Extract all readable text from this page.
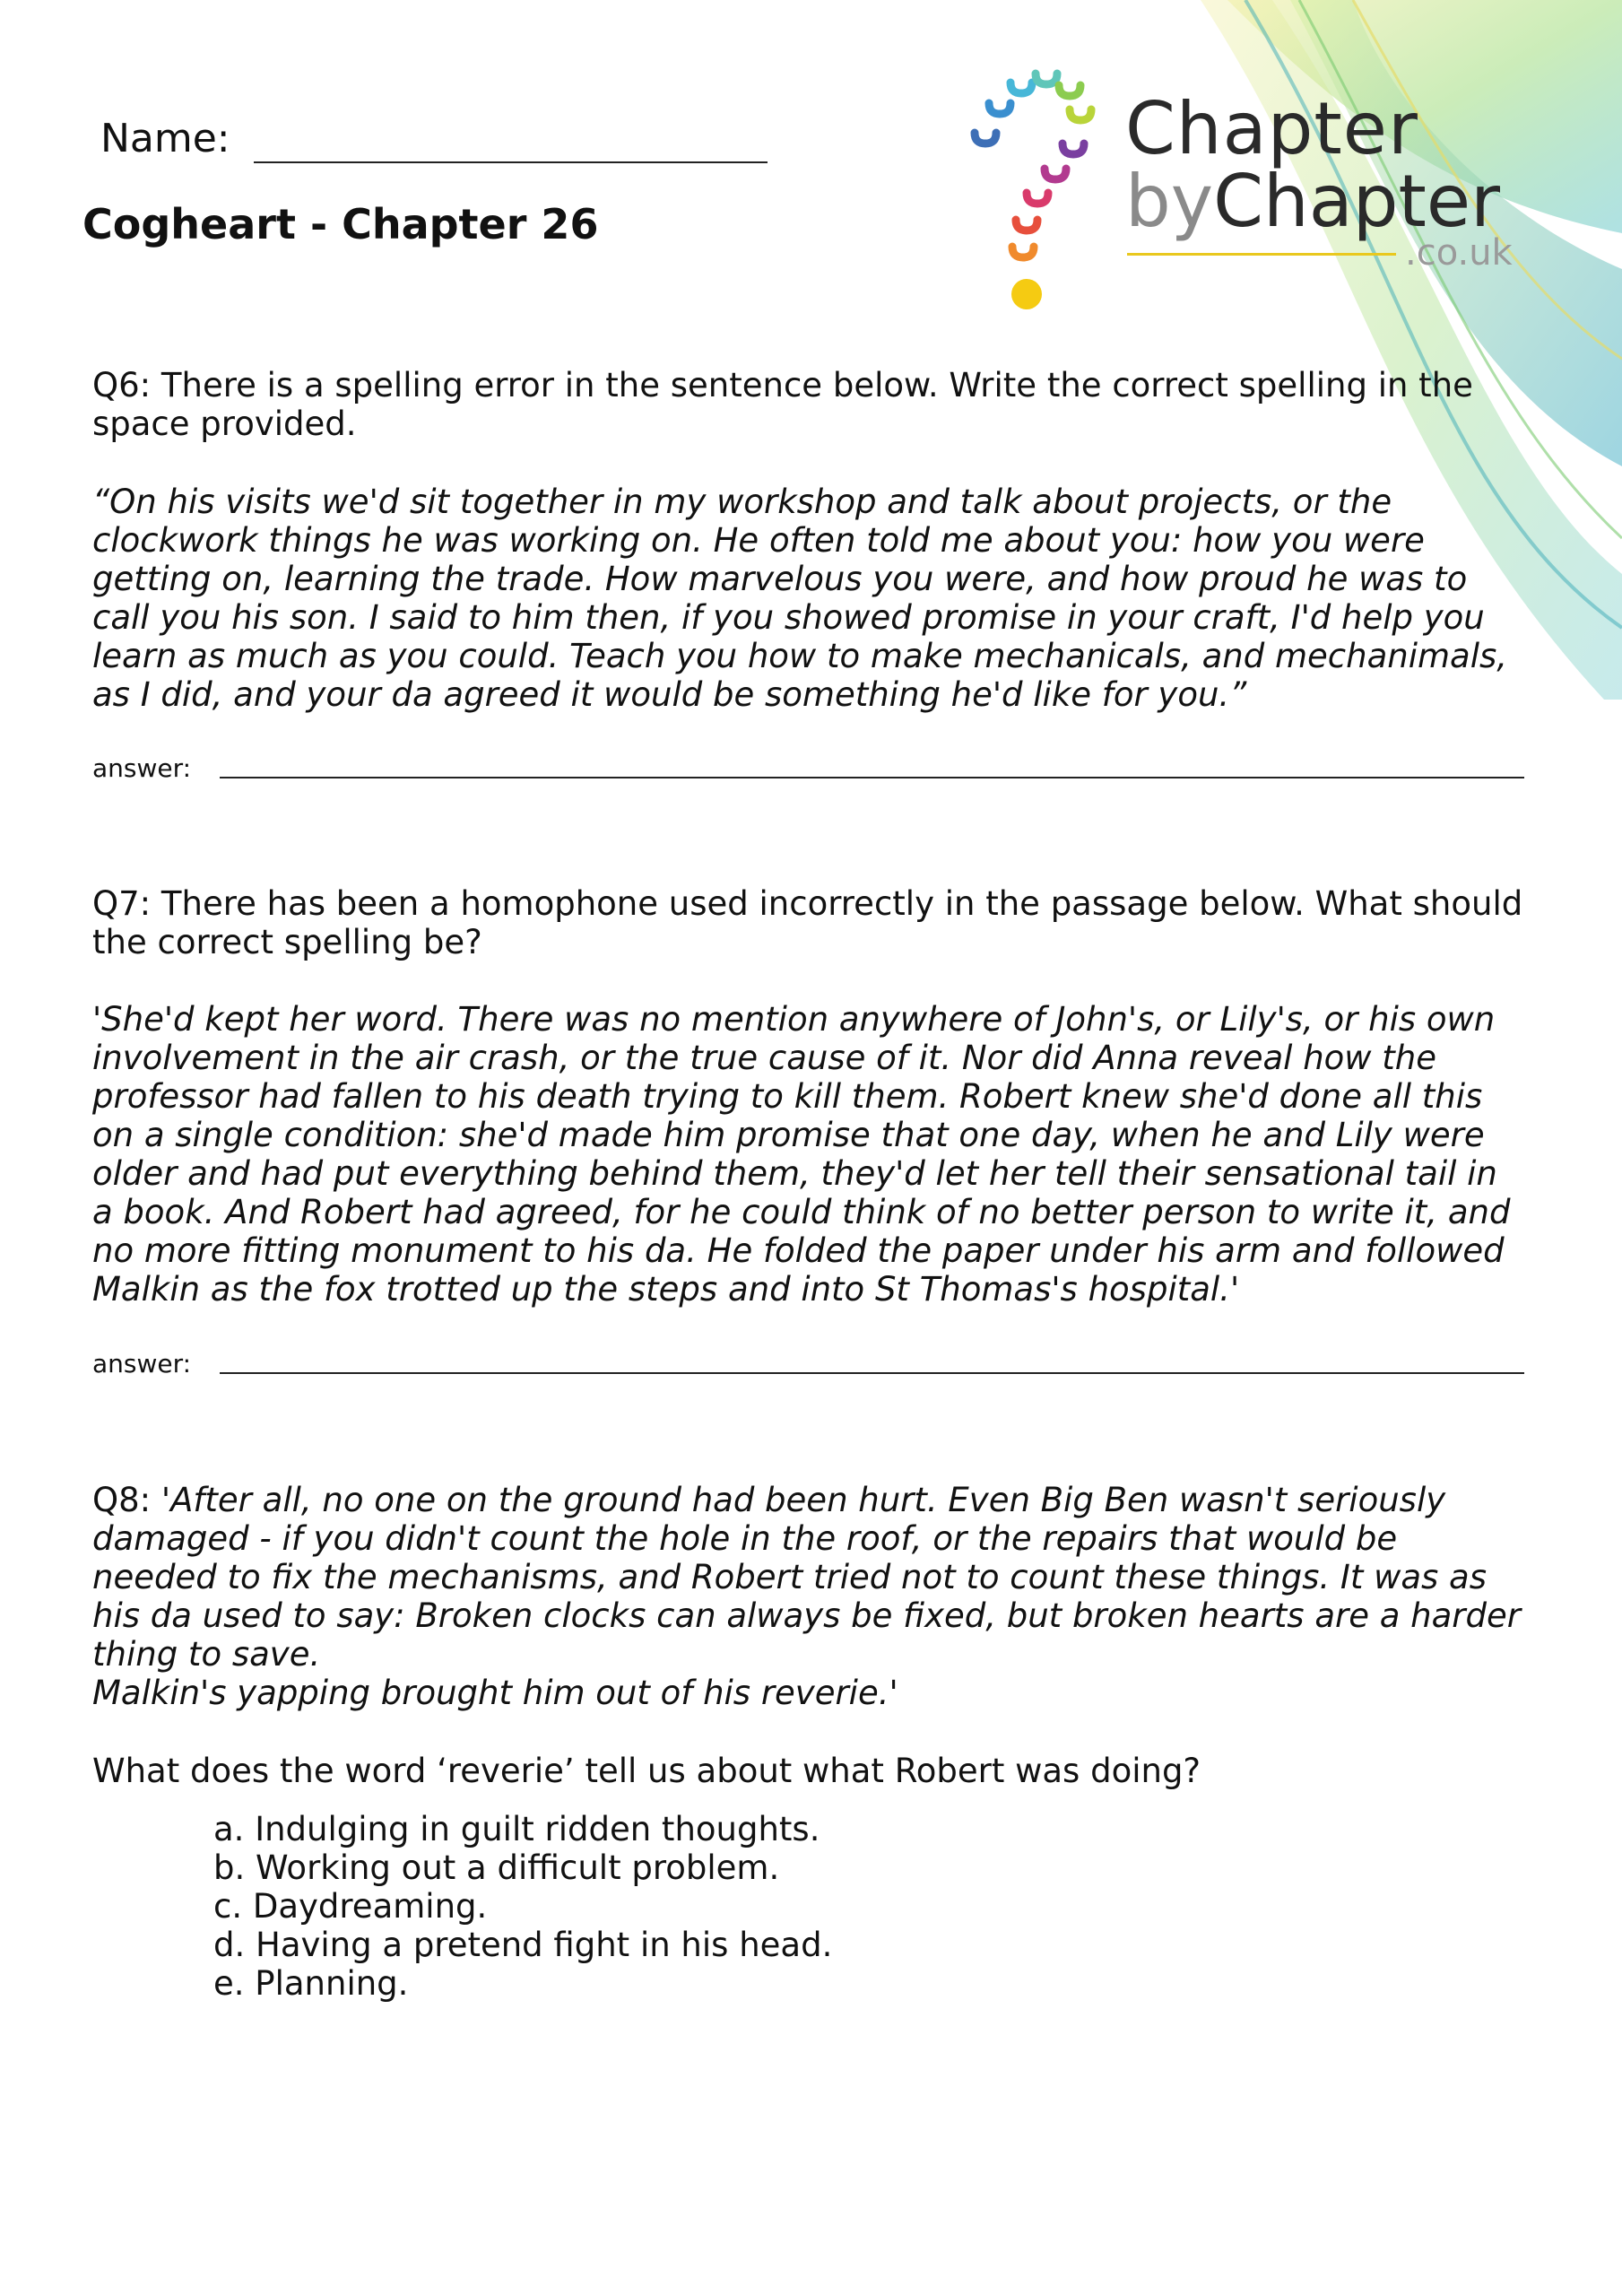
Chapter
byChapter
.co.uk
Name:
Cogheart - Chapter 26
Q6: There is a spelling error in the sentence below. Write the correct spelling in the space provided.
“On his visits we'd sit together in my workshop and talk about projects, or the clockwork things he was working on. He often told me about you: how you were getting on, learning the trade. How marvelous you were, and how proud he was to call you his son. I said to him then, if you showed promise in your craft, I'd help you learn as much as you could. Teach you how to make mechanicals, and mechanimals, as I did, and your da agreed it would be something he'd like for you.”
answer:
Q7: There has been a homophone used incorrectly in the passage below. What should the correct spelling be?
'She'd kept her word. There was no mention anywhere of John's, or Lily's, or his own involvement in the air crash, or the true cause of it. Nor did Anna reveal how the professor had fallen to his death trying to kill them. Robert knew she'd done all this on a single condition: she'd made him promise that one day, when he and Lily were older and had put everything behind them, they'd let her tell their sensational tail in a book. And Robert had agreed, for he could think of no better person to write it, and no more fitting monument to his da. He folded the paper under his arm and followed Malkin as the fox trotted up the steps and into St Thomas's hospital.'
answer:
Q8: 'After all, no one on the ground had been hurt. Even Big Ben wasn't seriously damaged - if you didn't count the hole in the roof, or the repairs that would be needed to fix the mechanisms, and Robert tried not to count these things. It was as his da used to say: Broken clocks can always be fixed, but broken hearts are a harder thing to save.
Malkin's yapping brought him out of his reverie.'
What does the word ‘reverie’ tell us about what Robert was doing?
a. Indulging in guilt ridden thoughts.
b. Working out a difficult problem.
c. Daydreaming.
d. Having a pretend fight in his head.
e. Planning.
